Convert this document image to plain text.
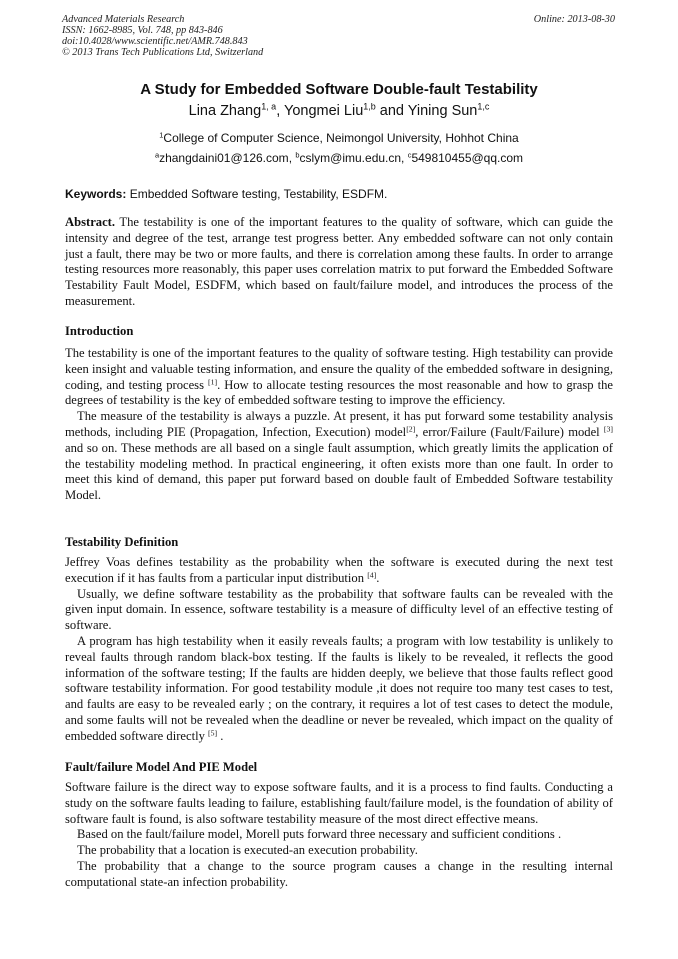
Advanced Materials Research
ISSN: 1662-8985, Vol. 748, pp 843-846
doi:10.4028/www.scientific.net/AMR.748.843
© 2013 Trans Tech Publications Ltd, Switzerland
Online: 2013-08-30
A Study for Embedded Software Double-fault Testability
Lina Zhang$^{1, a}$, Yongmei Liu$^{1,b}$ and Yining Sun$^{1,c}$
$^1$College of Computer Science, Neimongol University, Hohhot China
$^a$zhangdaini01@126.com, $^b$cslym@imu.edu.cn, $^c$549810455@qq.com
Keywords: Embedded Software testing, Testability, ESDFM.

Abstract. The testability is one of the important features to the quality of software, which can guide the intensity and degree of the test, arrange test progress better. Any embedded software can not only contain just a fault, there may be two or more faults, and there is correlation among these faults. In order to arrange testing resources more reasonably, this paper uses correlation matrix to put forward the Embedded Software Testability Fault Model, ESDFM, which based on fault/failure model, and introduces the process of the measurement.

Introduction

The testability is one of the important features to the quality of software testing. High testability can provide keen insight and valuable testing information, and ensure the quality of the embedded software in designing, coding, and testing process [1]. How to allocate testing resources the most reasonable and how to grasp the degrees of testability is the key of embedded software testing to improve the efficiency.

The measure of the testability is always a puzzle. At present, it has put forward some testability analysis methods, including PIE (Propagation, Infection, Execution) model[2], error/Failure (Fault/Failure) model [3] and so on. These methods are all based on a single fault assumption, which greatly limits the application of the testability modeling method. In practical engineering, it often exists more than one fault. In order to meet this kind of demand, this paper put forward based on double fault of Embedded Software testability Model.

Testability Definition

Jeffrey Voas defines testability as the probability when the software is executed during the next test execution if it has faults from a particular input distribution [4].

Usually, we define software testability as the probability that software faults can be revealed with the given input domain. In essence, software testability is a measure of difficulty level of an effective testing of software.

A program has high testability when it easily reveals faults; a program with low testability is unlikely to reveal faults through random black-box testing. If the faults is likely to be revealed, it reflects the good information of the software testing; If the faults are hidden deeply, we believe that those faults reflect good software testability information. For good testability module ,it does not require too many test cases to test, and faults are easy to be revealed early ; on the contrary, it requires a lot of test cases to detect the module, and some faults will not be revealed when the deadline or never be revealed, which impact on the quality of embedded software directly [5] .

Fault/failure Model And PIE Model

Software failure is the direct way to expose software faults, and it is a process to find faults. Conducting a study on the software faults leading to failure, establishing fault/failure model, is the foundation of ability of software fault is found, is also software testability measure of the most direct effective means.

Based on the fault/failure model, Morell puts forward three necessary and sufficient conditions .

The probability that a location is executed-an execution probability.

The probability that a change to the source program causes a change in the resulting internal computational state-an infection probability.
